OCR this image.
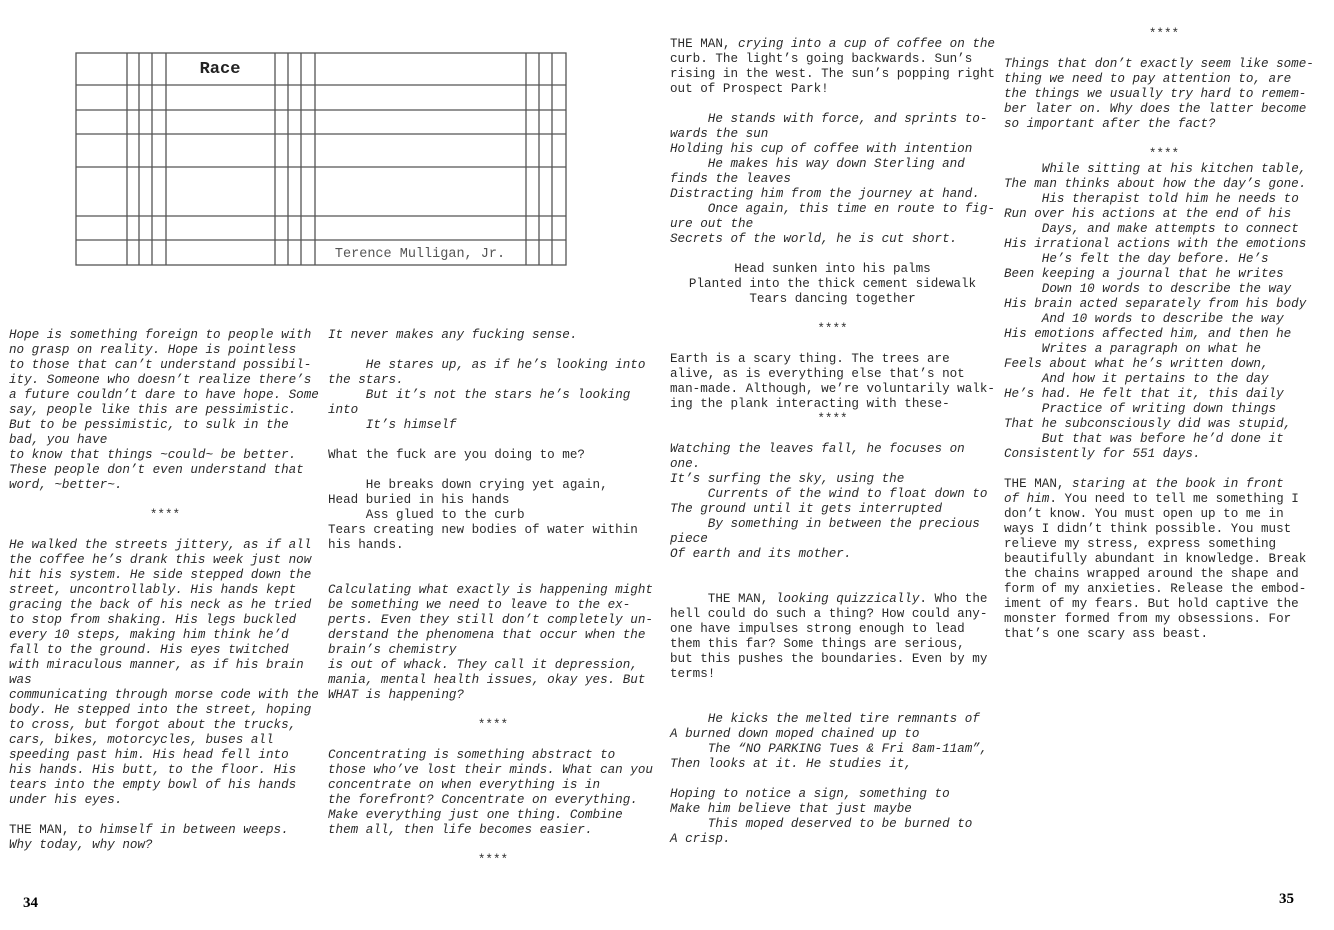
Race
Terence Mulligan, Jr.
Hope is something foreign to people with
no grasp on reality. Hope is pointless
to those that can’t understand possibil-
ity. Someone who doesn’t realize there’s
a future couldn’t dare to have hope. Some
say, people like this are pessimistic.
But to be pessimistic, to sulk in the
bad, you have
to know that things ~could~ be better.
These people don’t even understand that
word, ~better~.
****
He walked the streets jittery, as if all
the coffee he’s drank this week just now
hit his system. He side stepped down the
street, uncontrollably. His hands kept
gracing the back of his neck as he tried
to stop from shaking. His legs buckled
every 10 steps, making him think he’d
fall to the ground. His eyes twitched
with miraculous manner, as if his brain
was
communicating through morse code with the
body. He stepped into the street, hoping
to cross, but forgot about the trucks,
cars, bikes, motorcycles, buses all
speeding past him. His head fell into
his hands. His butt, to the floor. His
tears into the empty bowl of his hands
under his eyes.
THE MAN, to himself in between weeps.
Why today, why now?
It never makes any fucking sense.
He stares up, as if he’s looking into
the stars.
But it’s not the stars he’s looking
into
It’s himself
What the fuck are you doing to me?
He breaks down crying yet again,
Head buried in his hands
Ass glued to the curb
Tears creating new bodies of water within
his hands.
Calculating what exactly is happening might
be something we need to leave to the ex-
perts. Even they still don’t completely un-
derstand the phenomena that occur when the
brain’s chemistry
is out of whack. They call it depression,
mania, mental health issues, okay yes. But
WHAT is happening?
****
Concentrating is something abstract to
those who’ve lost their minds. What can you
concentrate on when everything is in
the forefront? Concentrate on everything.
Make everything just one thing. Combine
them all, then life becomes easier.
****
THE MAN, crying into a cup of coffee on the
curb. The light’s going backwards. Sun’s
rising in the west. The sun’s popping right
out of Prospect Park!
He stands with force, and sprints to-
wards the sun
Holding his cup of coffee with intention
He makes his way down Sterling and
finds the leaves
Distracting him from the journey at hand.
Once again, this time en route to fig-
ure out the
Secrets of the world, he is cut short.
Head sunken into his palms
Planted into the thick cement sidewalk
Tears dancing together
****
Earth is a scary thing. The trees are
alive, as is everything else that’s not
man-made. Although, we’re voluntarily walk-
ing the plank interacting with these-
****
Watching the leaves fall, he focuses on
one.
It’s surfing the sky, using the
Currents of the wind to float down to
The ground until it gets interrupted
By something in between the precious
piece
Of earth and its mother.
THE MAN, looking quizzically. Who the
hell could do such a thing? How could any-
one have impulses strong enough to lead
them this far? Some things are serious,
but this pushes the boundaries. Even by my
terms!
He kicks the melted tire remnants of
A burned down moped chained up to
The “NO PARKING Tues & Fri 8am-11am”,
Then looks at it. He studies it,
Hoping to notice a sign, something to
Make him believe that just maybe
This moped deserved to be burned to
A crisp.
****
Things that don’t exactly seem like some-
thing we need to pay attention to, are
the things we usually try hard to remem-
ber later on. Why does the latter become
so important after the fact?
****
While sitting at his kitchen table,
The man thinks about how the day’s gone.
His therapist told him he needs to
Run over his actions at the end of his
Days, and make attempts to connect
His irrational actions with the emotions
He’s felt the day before. He’s
Been keeping a journal that he writes
Down 10 words to describe the way
His brain acted separately from his body
And 10 words to describe the way
His emotions affected him, and then he
Writes a paragraph on what he
Feels about what he’s written down,
And how it pertains to the day
He’s had. He felt that it, this daily
Practice of writing down things
That he subconsciously did was stupid,
But that was before he’d done it
Consistently for 551 days.
THE MAN, staring at the book in front
of him. You need to tell me something I
don’t know. You must open up to me in
ways I didn’t think possible. You must
relieve my stress, express something
beautifully abundant in knowledge. Break
the chains wrapped around the shape and
form of my anxieties. Release the embod-
iment of my fears. But hold captive the
monster formed from my obsessions. For
that’s one scary ass beast.
34	35
